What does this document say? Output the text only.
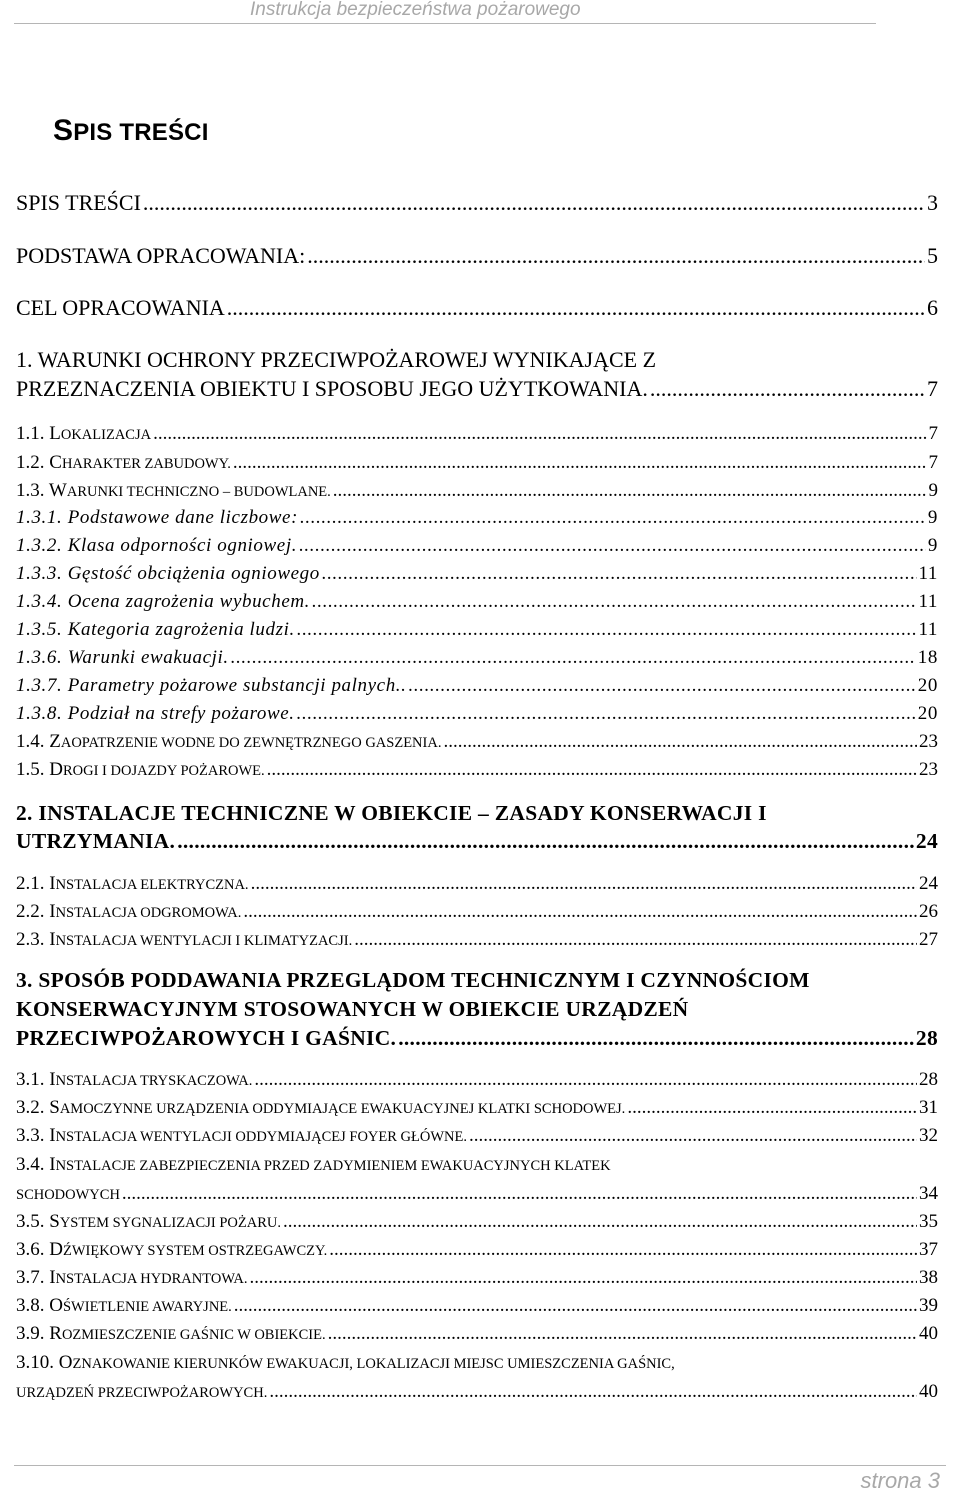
Instrukcja bezpieczeństwa pożarowego
SPIS TREŚCI
SPIS TREŚCI .....	3
PODSTAWA OPRACOWANIA: .....	5
CEL OPRACOWANIA .....	6
1. WARUNKI OCHRONY PRZECIWPOŻAROWEJ WYNIKAJĄCE Z
PRZEZNACZENIA OBIEKTU I SPOSOBU JEGO UŻYTKOWANIA. .....	7
1.1. LOKALIZACJA .....	7
1.2. CHARAKTER ZABUDOWY. .....	7
1.3. WARUNKI TECHNICZNO – BUDOWLANE. .....	9
1.3.1. Podstawowe dane liczbowe: .....	9
1.3.2. Klasa odporności ogniowej. .....	9
1.3.3. Gęstość obciążenia ogniowego .....	11
1.3.4. Ocena zagrożenia wybuchem. .....	11
1.3.5. Kategoria zagrożenia ludzi. .....	11
1.3.6. Warunki ewakuacji. .....	18
1.3.7. Parametry pożarowe substancji palnych.. .....	20
1.3.8. Podział na strefy pożarowe. .....	20
1.4. ZAOPATRZENIE WODNE DO ZEWNĘTRZNEGO GASZENIA. .....	23
1.5. DROGI I DOJAZDY POŻAROWE. .....	23
2. INSTALACJE TECHNICZNE W OBIEKCIE – ZASADY KONSERWACJI I
UTRZYMANIA. .....	24
2.1. INSTALACJA ELEKTRYCZNA. .....	24
2.2. INSTALACJA ODGROMOWA. .....	26
2.3. INSTALACJA WENTYLACJI I KLIMATYZACJI. .....	27
3. SPOSÓB PODDAWANIA PRZEGLĄDOM TECHNICZNYM I CZYNNOŚCIOM
KONSERWACYJNYM STOSOWANYCH W OBIEKCIE URZĄDZEŃ
PRZECIWPOŻAROWYCH I GAŚNIC. .....	28
3.1. INSTALACJA TRYSKACZOWA. .....	28
3.2. SAMOCZYNNE URZĄDZENIA ODDYMIAJĄCE EWAKUACYJNEJ KLATKI SCHODOWEJ. .....	31
3.3. INSTALACJA WENTYLACJI ODDYMIAJĄCEJ FOYER GŁÓWNE. .....	32
3.4. INSTALACJE ZABEZPIECZENIA PRZED ZADYMIENIEM EWAKUACYJNYCH KLATEK
SCHODOWYCH .....	34
3.5. SYSTEM SYGNALIZACJI POŻARU. .....	35
3.6. DŹWIĘKOWY SYSTEM OSTRZEGAWCZY. .....	37
3.7. INSTALACJA HYDRANTOWA. .....	38
3.8. OŚWIETLENIE AWARYJNE. .....	39
3.9. ROZMIESZCZENIE GAŚNIC W OBIEKCIE. .....	40
3.10. OZNAKOWANIE KIERUNKÓW EWAKUACJI, LOKALIZACJI MIEJSC UMIESZCZENIA GAŚNIC,
URZĄDZEŃ PRZECIWPOŻAROWYCH. .....	40
strona 3
